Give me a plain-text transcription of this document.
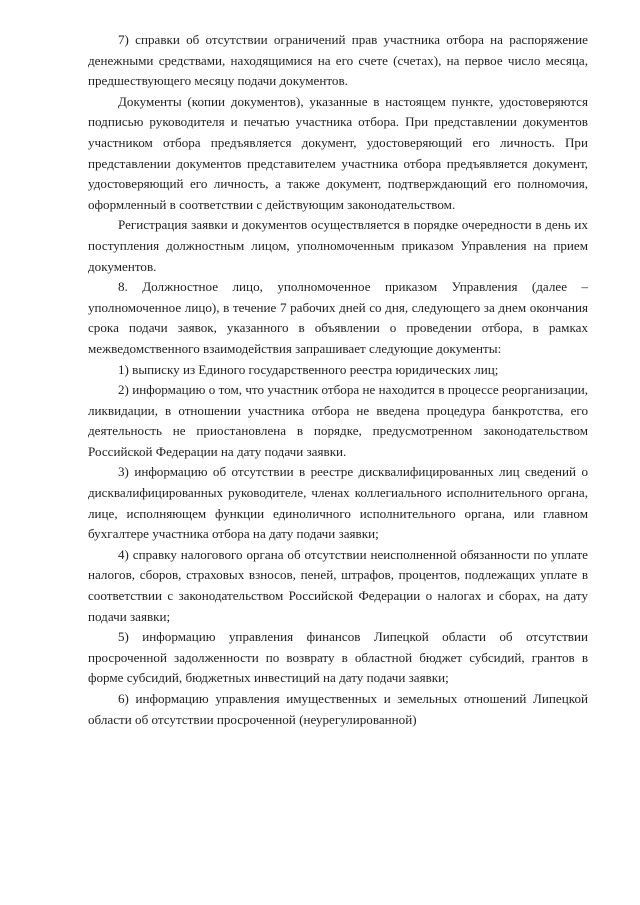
7) справки об отсутствии ограничений прав участника отбора на распоряжение денежными средствами, находящимися на его счете (счетах), на первое число месяца, предшествующего месяцу подачи документов.

Документы (копии документов), указанные в настоящем пункте, удостоверяются подписью руководителя и печатью участника отбора. При представлении документов участником отбора предъявляется документ, удостоверяющий его личность. При представлении документов представителем участника отбора предъявляется документ, удостоверяющий его личность, а также документ, подтверждающий его полномочия, оформленный в соответствии с действующим законодательством.

Регистрация заявки и документов осуществляется в порядке очередности в день их поступления должностным лицом, уполномоченным приказом Управления на прием документов.

8. Должностное лицо, уполномоченное приказом Управления (далее – уполномоченное лицо), в течение 7 рабочих дней со дня, следующего за днем окончания срока подачи заявок, указанного в объявлении о проведении отбора, в рамках межведомственного взаимодействия запрашивает следующие документы:

1) выписку из Единого государственного реестра юридических лиц;

2) информацию о том, что участник отбора не находится в процессе реорганизации, ликвидации, в отношении участника отбора не введена процедура банкротства, его деятельность не приостановлена в порядке, предусмотренном законодательством Российской Федерации на дату подачи заявки.

3) информацию об отсутствии в реестре дисквалифицированных лиц сведений о дисквалифицированных руководителе, членах коллегиального исполнительного органа, лице, исполняющем функции единоличного исполнительного органа, или главном бухгалтере участника отбора на дату подачи заявки;

4) справку налогового органа об отсутствии неисполненной обязанности по уплате налогов, сборов, страховых взносов, пеней, штрафов, процентов, подлежащих уплате в соответствии с законодательством Российской Федерации о налогах и сборах, на дату подачи заявки;

5) информацию управления финансов Липецкой области об отсутствии просроченной задолженности по возврату в областной бюджет субсидий, грантов в форме субсидий, бюджетных инвестиций на дату подачи заявки;

6) информацию управления имущественных и земельных отношений Липецкой области об отсутствии просроченной (неурегулированной)
